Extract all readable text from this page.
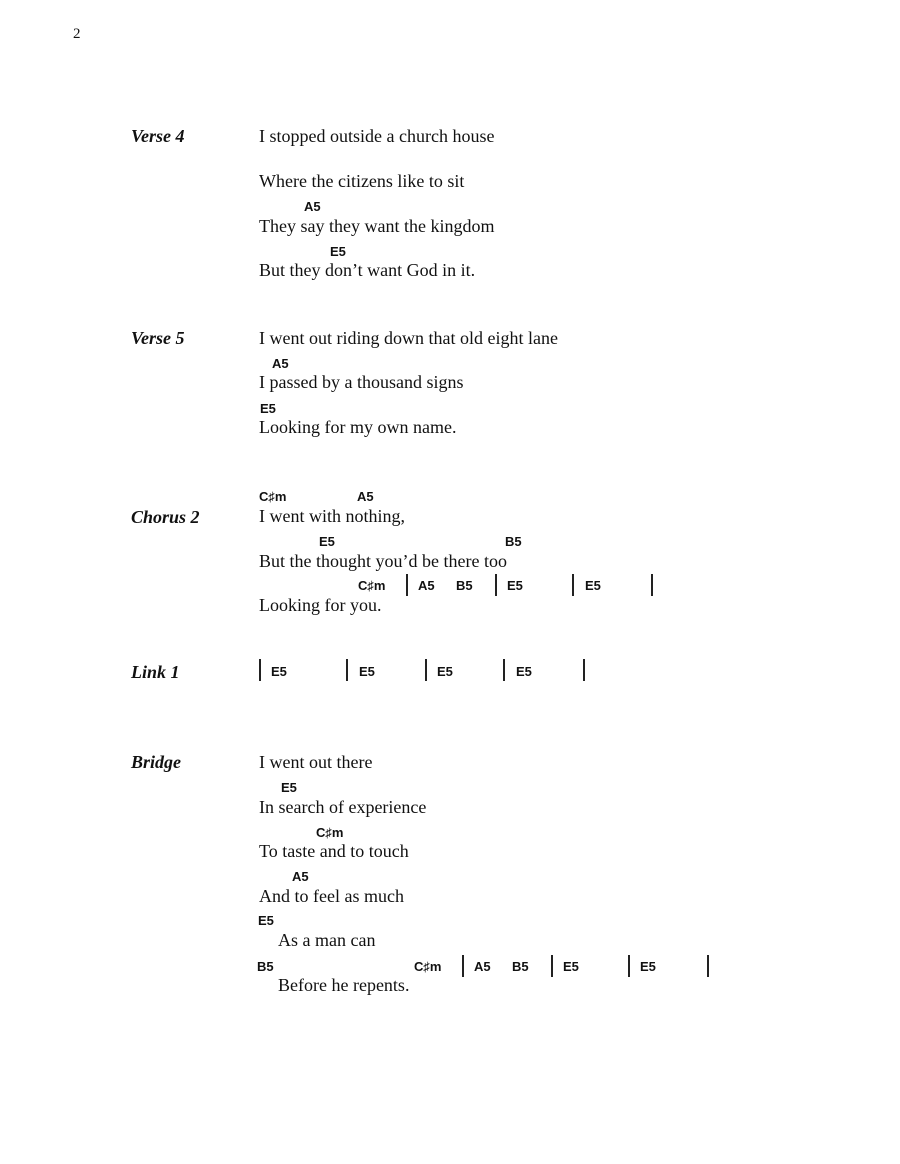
2
Verse 4	I stopped outside a church house
Where the citizens like to sit
A5
They say they want the kingdom
E5
But they don’t want God in it.
Verse 5	I went out riding down that old eight lane
A5
I passed by a thousand signs
E5
Looking for my own name.
C♯m	A5
Chorus 2	I went with nothing,
E5	B5
But the thought you’d be there too
C♯m	A5 B5	E5	E5
Looking for you.
Link 1	E5	E5	E5	E5
Bridge	I went out there
E5
In search of experience
C♯m
To taste and to touch
A5
And to feel as much
E5
As a man can
B5	C♯m	A5 B5	E5	E5
Before he repents.
